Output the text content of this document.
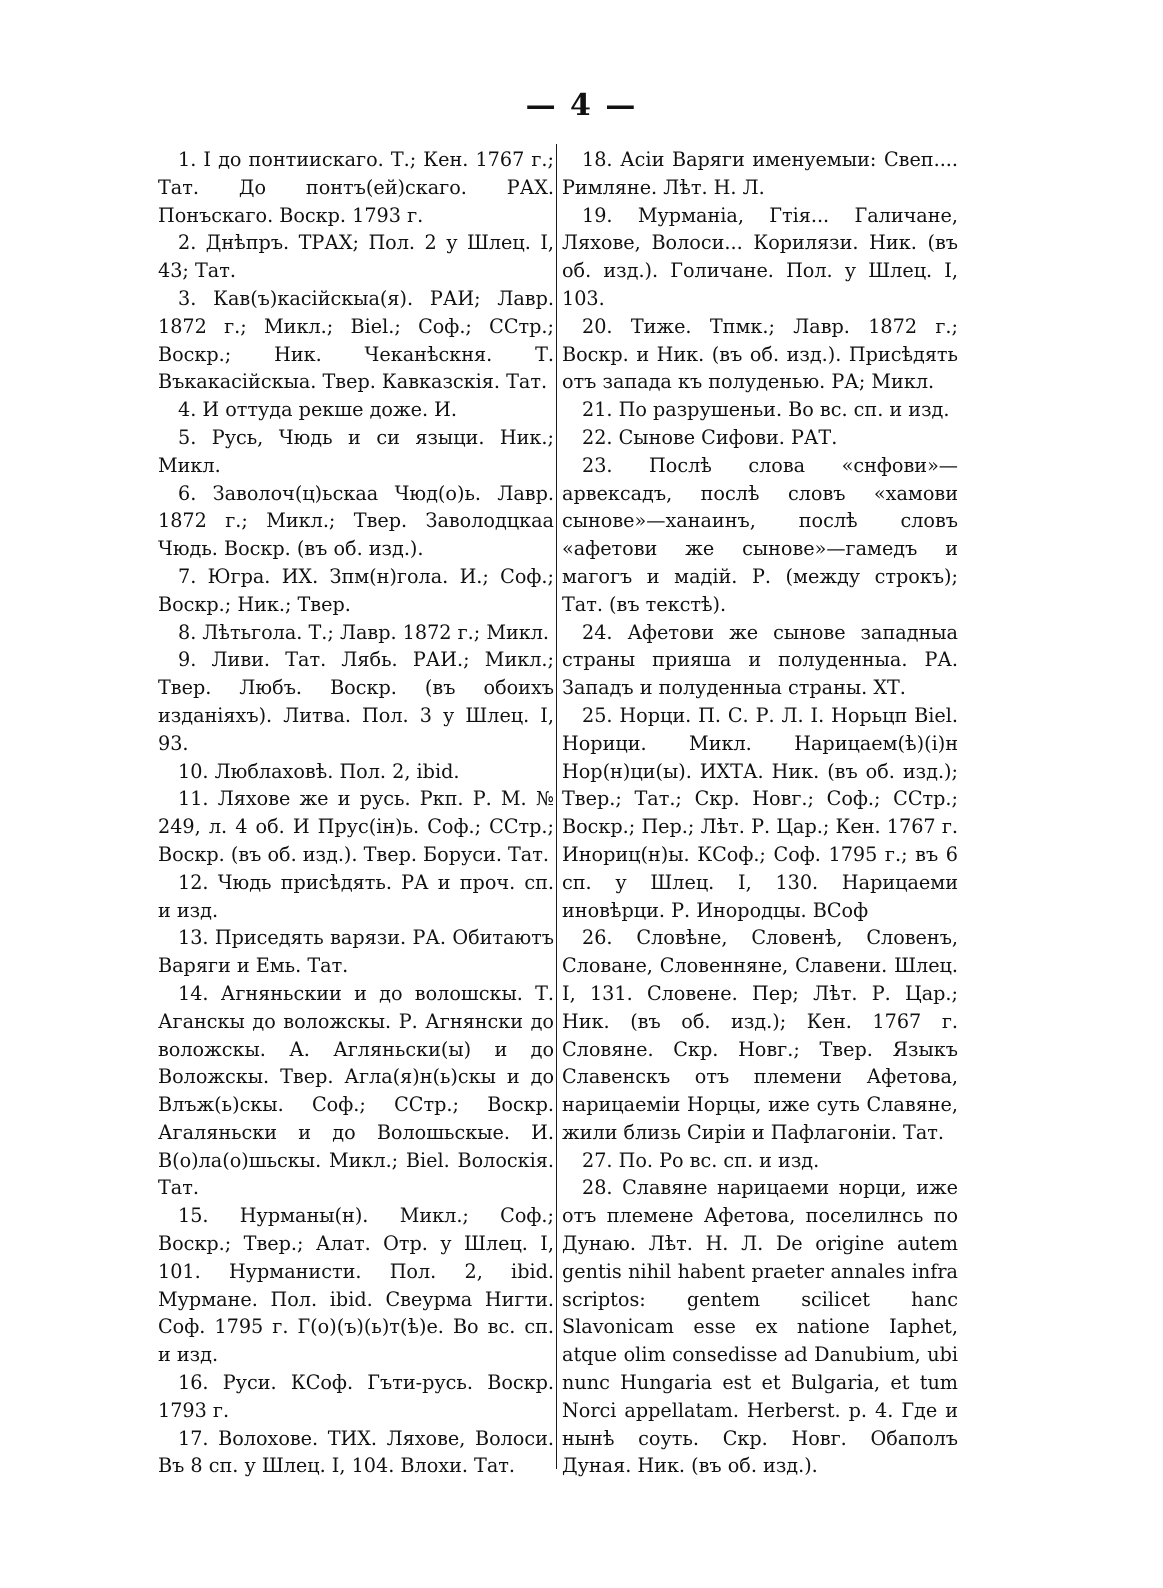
— 4 —

1. I до понтиискаго. Т.; Кен. 1767 г.; Тат. До понтъ(ей)скаго. РАХ. Понъскаго. Воскр. 1793 г.

2. Днѣпръ. ТРАХ; Пол. 2 у Шлец. I, 43; Тат.

3. Кав(ъ)касійскыа(я). РАИ; Лавр. 1872 г.; Микл.; Biel.; Соф.; ССтр.; Воскр.; Ник. Чеканѣскня. Т. Въкакасійскыа. Твер. Кавказскія. Тат.

4. И оттуда рекше доже. И.

5. Русь, Чюдь и си языци. Ник.; Микл.

6. Заволоч(ц)ьскаа Чюд(о)ь. Лавр. 1872 г.; Микл.; Твер. Заволодцкаа Чюдь. Воскр. (въ об. изд.).

7. Югра. ИХ. Зпм(н)гола. И.; Соф.; Воскр.; Ник.; Твер.

8. Лѣтьгола. Т.; Лавр. 1872 г.; Микл.

9. Ливи. Тат. Лябь. РАИ.; Микл.; Твер. Любъ. Воскр. (въ обоихъ изданіяхъ). Литва. Пол. 3 у Шлец. I, 93.

10. Люблаховѣ. Пол. 2, ibid.

11. Ляхове же и русь. Ркп. Р. М. № 249, л. 4 об. И Прус(ін)ь. Соф.; ССтр.; Воскр. (въ об. изд.). Твер. Боруси. Тат.

12. Чюдь присѣдять. РА и проч. сп. и изд.

13. Приседять варязи. РА. Обитаютъ Варяги и Емь. Тат.

14. Агняньскии и до волошскы. Т. Аганскы до воложскы. Р. Агнянски до воложскы. А. Агляньски(ы) и до Воложскы. Твер. Агла(я)н(ь)скы и до Влъж(ь)скы. Соф.; ССтр.; Воскр. Агаляньски и до Волошьскые. И. В(о)ла(о)шьскы. Микл.; Biel. Волоскія. Тат.

15. Нурманы(н). Микл.; Соф.; Воскр.; Твер.; Алат. Отр. у Шлец. I, 101. Нурманисти. Пол. 2, ibid. Мурмане. Пол. ibid. Свеурма Нигти. Соф. 1795 г. Г(о)(ъ)(ь)т(ѣ)е. Во вс. сп. и изд.

16. Руси. КСоф. Гъти-русь. Воскр. 1793 г.

17. Волохове. ТИХ. Ляхове, Волоси. Въ 8 сп. у Шлец. I, 104. Влохи. Тат.

18. Асіи Варяги именуемыи: Свеп.... Римляне. Лѣт. Н. Л.

19. Мурманіа, Гтія... Галичане, Ляхове, Волоси... Корилязи. Ник. (въ об. изд.). Голичане. Пол. у Шлец. I, 103.

20. Тиже. Тпмк.; Лавр. 1872 г.; Воскр. и Ник. (въ об. изд.). Присѣдять отъ запада къ полуденью. РА; Микл.

21. По разрушеньи. Во вс. сп. и изд.

22. Сынове Сифови. РАТ.

23. Послѣ слова «снфови»—арвексадъ, послѣ словъ «хамови сынове»—ханаинъ, послѣ словъ «афетови же сынове»—гамедъ и магогъ и мадій. Р. (между строкъ); Тат. (въ текстѣ).

24. Афетови же сынове западныа страны прияша и полуденныа. РА. Западъ и полуденныа страны. ХТ.

25. Норци. П. С. Р. Л. I. Норьцп Biel. Норици. Микл. Нарицаем(ѣ)(і)н Нор(н)ци(ы). ИХТА. Ник. (въ об. изд.); Твер.; Тат.; Скр. Новг.; Соф.; ССтр.; Воскр.; Пер.; Лѣт. Р. Цар.; Кен. 1767 г. Инориц(н)ы. КСоф.; Соф. 1795 г.; въ 6 сп. у Шлец. I, 130. Нарицаеми иновѣрци. Р. Инородцы. ВСоф

26. Словѣне, Словенѣ, Словенъ, Словане, Словенняне, Славени. Шлец. I, 131. Словене. Пер; Лѣт. Р. Цар.; Ник. (въ об. изд.); Кен. 1767 г. Словяне. Скр. Новг.; Твер. Языкъ Славенскъ отъ племени Афетова, нарицаеміи Норцы, иже суть Славяне, жили близь Сиріи и Пафлагоніи. Тат.

27. По. Ро вс. сп. и изд.

28. Славяне нарицаеми норци, иже отъ племене Афетова, поселилнсь по Дунаю. Лѣт. Н. Л. De origine autem gentis nihil habent praeter annales infra scriptos: gentem scilicet hanc Slavonicam esse ex natione Iaphet, atque olim consedisse ad Danubium, ubi nunc Hungaria est et Bulgaria, et tum Norci appellatam. Herberst. p. 4. Где и нынѣ соуть. Скр. Новг. Обаполъ Дуная. Ник. (въ об. изд.).
